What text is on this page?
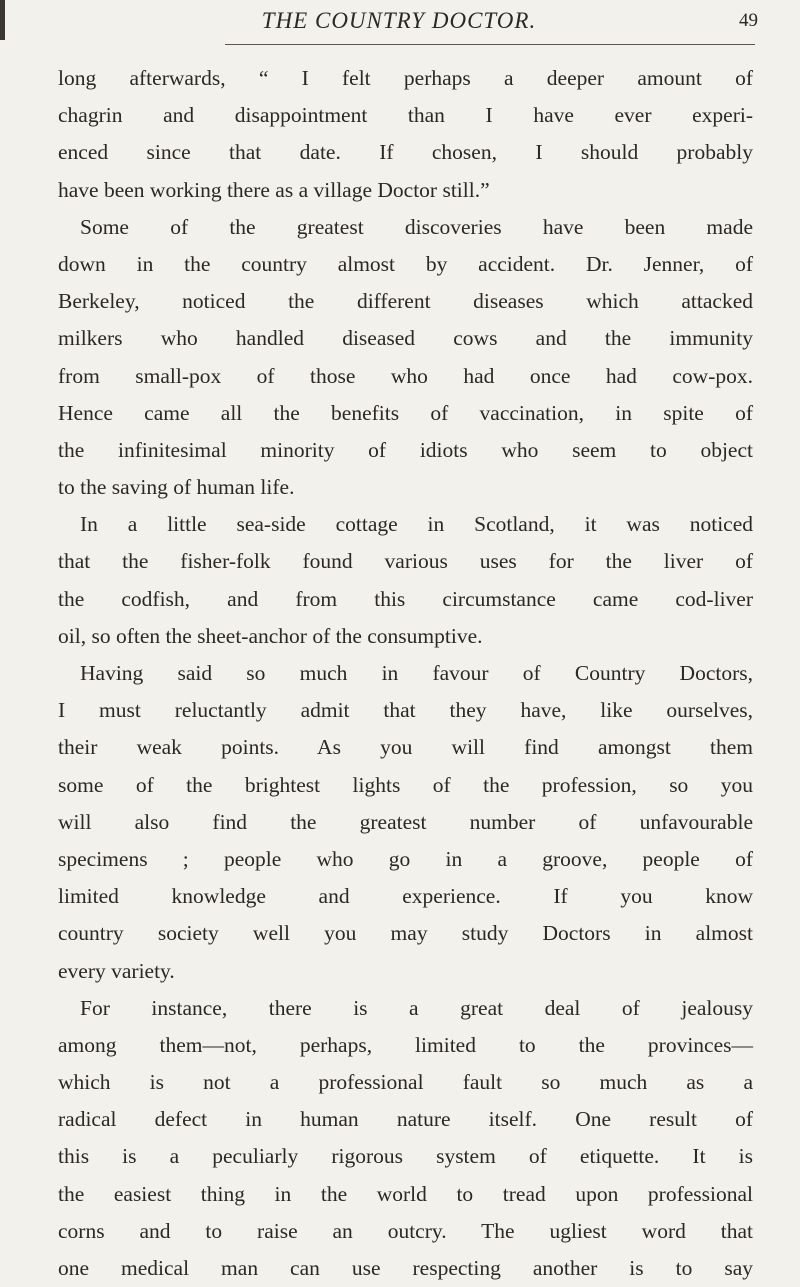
THE COUNTRY DOCTOR.	49
long afterwards, “ I felt perhaps a deeper amount of
chagrin and disappointment than I have ever experi-
enced since that date. If chosen, I should probably
have been working there as a village Doctor still.”
Some of the greatest discoveries have been made
down in the country almost by accident. Dr. Jenner, of
Berkeley, noticed the different diseases which attacked
milkers who handled diseased cows and the immunity
from small-pox of those who had once had cow-pox.
Hence came all the benefits of vaccination, in spite of
the infinitesimal minority of idiots who seem to object
to the saving of human life.
In a little sea-side cottage in Scotland, it was noticed
that the fisher-folk found various uses for the liver of
the codfish, and from this circumstance came cod-liver
oil, so often the sheet-anchor of the consumptive.
Having said so much in favour of Country Doctors,
I must reluctantly admit that they have, like ourselves,
their weak points. As you will find amongst them
some of the brightest lights of the profession, so you
will also find the greatest number of unfavourable
specimens ; people who go in a groove, people of
limited knowledge and experience. If you know
country society well you may study Doctors in almost
every variety.
For instance, there is a great deal of jealousy
among them—not, perhaps, limited to the provinces—
which is not a professional fault so much as a
radical defect in human nature itself. One result of
this is a peculiarly rigorous system of etiquette. It is
the easiest thing in the world to tread upon professional
corns and to raise an outcry. The ugliest word that
one medical man can use respecting another is to say
